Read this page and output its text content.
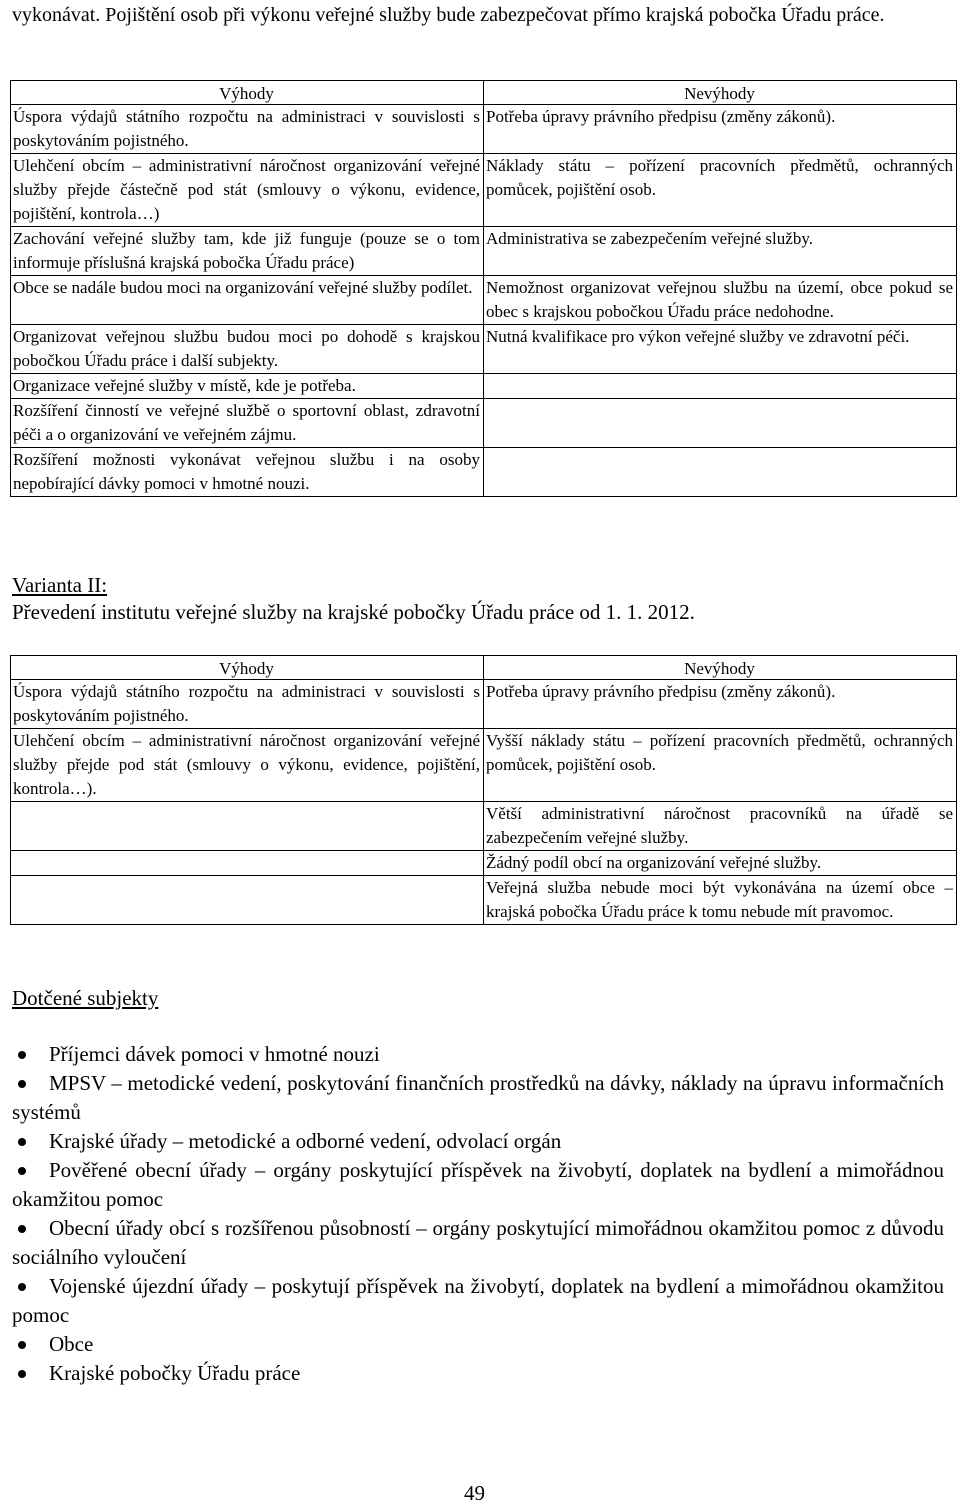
vykonávat. Pojištění osob při výkonu veřejné služby bude zabezpečovat přímo krajská pobočka Úřadu práce.
Výhody	Nevýhody
Úspora výdajů státního rozpočtu na administraci v souvislosti s poskytováním pojistného.	Potřeba úpravy právního předpisu (změny zákonů).
Ulehčení obcím – administrativní náročnost organizování veřejné služby přejde částečně pod stát (smlouvy o výkonu, evidence, pojištění, kontrola…)	Náklady státu – pořízení pracovních předmětů, ochranných pomůcek, pojištění osob.
Zachování veřejné služby tam, kde již funguje (pouze se o tom informuje příslušná krajská pobočka Úřadu práce)	Administrativa se zabezpečením veřejné služby.
Obce se nadále budou moci na organizování veřejné služby podílet.	Nemožnost organizovat veřejnou službu na území, obce pokud se obec s krajskou pobočkou Úřadu práce nedohodne.
Organizovat veřejnou službu budou moci po dohodě s krajskou pobočkou Úřadu práce i další subjekty.	Nutná kvalifikace pro výkon veřejné služby ve zdravotní péči.
Organizace veřejné služby v místě, kde je potřeba.	
Rozšíření činností ve veřejné službě o sportovní oblast, zdravotní péči a o organizování ve veřejném zájmu.	
Rozšíření možnosti vykonávat veřejnou službu i na osoby nepobírající dávky pomoci v hmotné nouzi.	
Varianta II:
Převedení institutu veřejné služby na krajské pobočky Úřadu práce od 1. 1. 2012.
Výhody	Nevýhody
Úspora výdajů státního rozpočtu na administraci v souvislosti s poskytováním pojistného.	Potřeba úpravy právního předpisu (změny zákonů).
Ulehčení obcím – administrativní náročnost organizování veřejné služby přejde pod stát (smlouvy o výkonu, evidence, pojištění, kontrola…).	Vyšší náklady státu – pořízení pracovních předmětů, ochranných pomůcek, pojištění osob.
	Větší administrativní náročnost pracovníků na úřadě se zabezpečením veřejné služby.
	Žádný podíl obcí na organizování veřejné služby.
	Veřejná služba nebude moci být vykonávána na území obce – krajská pobočka Úřadu práce k tomu nebude mít pravomoc.
Dotčené subjekty
Příjemci dávek pomoci v hmotné nouzi
MPSV – metodické vedení, poskytování finančních prostředků na dávky, náklady na úpravu informačních systémů
Krajské úřady – metodické a odborné vedení, odvolací orgán
Pověřené obecní úřady – orgány poskytující příspěvek na živobytí, doplatek na bydlení a mimořádnou okamžitou pomoc
Obecní úřady obcí s rozšířenou působností – orgány poskytující mimořádnou okamžitou pomoc z důvodu sociálního vyloučení
Vojenské újezdní úřady – poskytují příspěvek na živobytí, doplatek na bydlení a mimořádnou okamžitou pomoc
Obce
Krajské pobočky Úřadu práce
49
